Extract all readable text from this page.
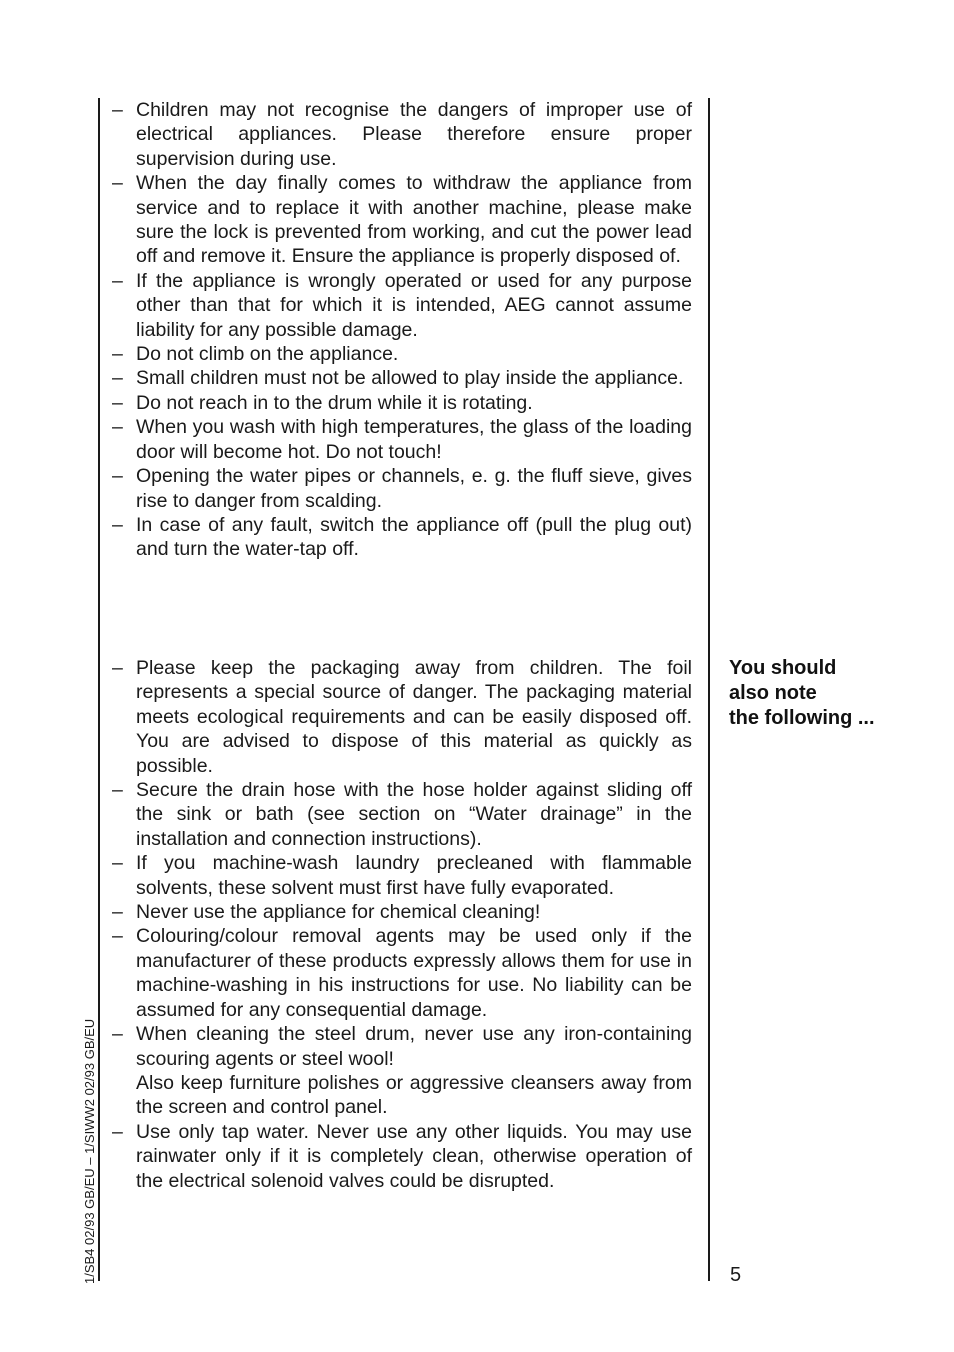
– Children may not recognise the dangers of improper use of electrical appliances. Please therefore ensure proper supervision during use.
– When the day finally comes to withdraw the appliance from service and to replace it with another machine, please make sure the lock is prevented from working, and cut the power lead off and remove it. Ensure the appliance is properly disposed of.
– If the appliance is wrongly operated or used for any purpose other than that for which it is intended, AEG cannot assume liability for any possible damage.
– Do not climb on the appliance.
– Small children must not be allowed to play inside the appliance.
– Do not reach in to the drum while it is rotating.
– When you wash with high temperatures, the glass of the loading door will become hot. Do not touch!
– Opening the water pipes or channels, e. g. the fluff sieve, gives rise to danger from scalding.
– In case of any fault, switch the appliance off (pull the plug out) and turn the water-tap off.
– Please keep the packaging away from children. The foil represents a special source of danger. The packaging material meets ecological requirements and can be easily disposed off. You are advised to dispose of this material as quickly as possible.
– Secure the drain hose with the hose holder against sliding off the sink or bath (see section on “Water drainage” in the installation and connection instructions).
– If you machine-wash laundry precleaned with flammable solvents, these solvent must first have fully evaporated.
– Never use the appliance for chemical cleaning!
– Colouring/colour removal agents may be used only if the manufacturer of these products expressly allows them for use in machine-washing in his instructions for use. No liability can be assumed for any consequential damage.
– When cleaning the steel drum, never use any iron-containing scouring agents or steel wool!
Also keep furniture polishes or aggressive cleansers away from the screen and control panel.
– Use only tap water. Never use any other liquids. You may use rainwater only if it is completely clean, otherwise operation of the electrical solenoid valves could be disrupted.
You should
also note
the following ...
5
1/SB4 02/93 GB/EU – 1/SIWW2 02/93 GB/EU
